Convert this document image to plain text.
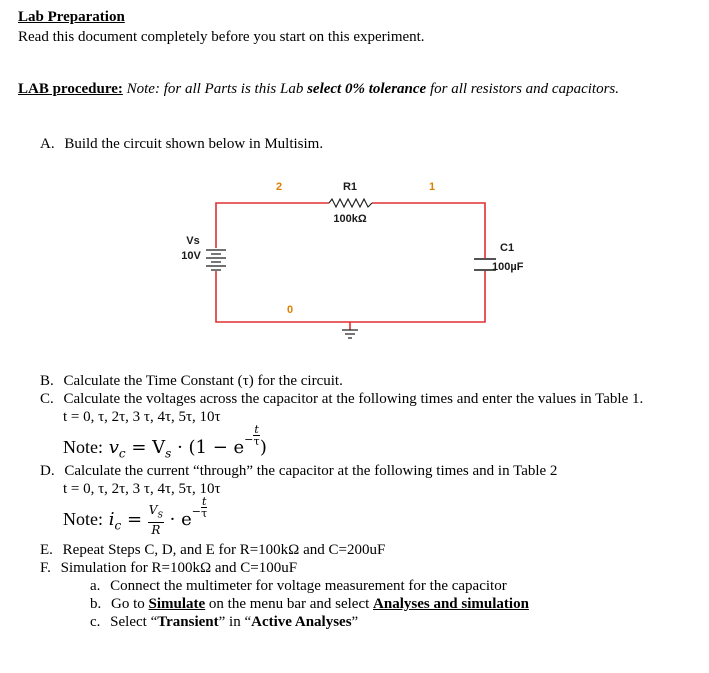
Lab Preparation
Read this document completely before you start on this experiment.
LAB procedure: Note: for all Parts is this Lab select 0% tolerance for all resistors and capacitors.
A. Build the circuit shown below in Multisim.
2	1
0
R1
100kΩ
Vs
10V
C1
100µF
B. Calculate the Time Constant (τ) for the circuit.
C. Calculate the voltages across the capacitor at the following times and enter the values in Table 1.
t = 0, τ, 2τ, 3 τ, 4τ, 5τ, 10τ
Note: $v_c = V_s \cdot (1 - e - \frac{t}{\tau}$
)
D. Calculate the current “through” the capacitor at the following times and in Table 2
t = 0, τ, 2τ, 3 τ, 4τ, 5τ, 10τ
Note: $i_c = \frac{V_S}{R} \cdot e- \frac{t}{\tau}$
E. Repeat Steps C, D, and E for R=100kΩ and C=200uF
F. Simulation for R=100kΩ and C=100uF
a. Connect the multimeter for voltage measurement for the capacitor
b. Go to Simulate on the menu bar and select Analyses and simulation
c. Select “Transient” in “Active Analyses”
